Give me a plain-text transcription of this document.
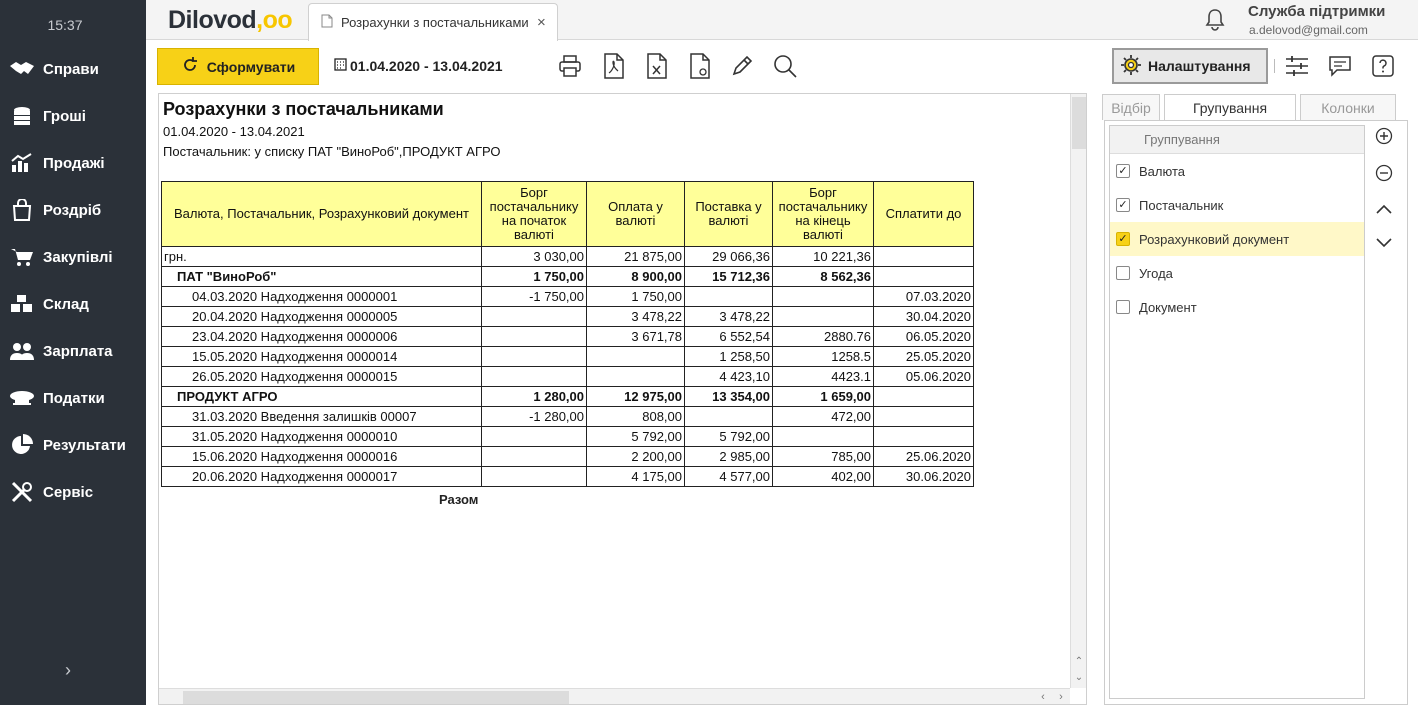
15:37
Справи
Гроші
Продажі
Роздріб
Закупівлі
Склад
Зарплата
Податки
Результати
Сервіс
›
Dilovod,oo	Розрахунки з постачальниками ×
Служба підтримки
a.delovod@gmail.com
Сформувати	01.04.2020 - 13.04.2021	Налаштування
Розрахунки з постачальниками
01.04.2020 - 13.04.2021
Постачальник: у списку ПАТ "ВиноРоб",ПРОДУКТ АГРО
Валюта, Постачальник, Розрахунковий документ	Борг постачальнику на початок валюті	Оплата у валюті	Поставка у валюті	Борг постачальнику на кінець валюті	Сплатити до
грн.	3 030,00	21 875,00	29 066,36	10 221,36	
ПАТ "ВиноРоб"	1 750,00	8 900,00	15 712,36	8 562,36	
04.03.2020 Надходження 0000001	-1 750,00	1 750,00			07.03.2020
20.04.2020 Надходження 0000005		3 478,22	3 478,22		30.04.2020
23.04.2020 Надходження 0000006		3 671,78	6 552,54	2880.76	06.05.2020
15.05.2020 Надходження 0000014			1 258,50	1258.5	25.05.2020
26.05.2020 Надходження 0000015			4 423,10	4423.1	05.06.2020
ПРОДУКТ АГРО	1 280,00	12 975,00	13 354,00	1 659,00	
31.03.2020 Введення залишків 00007	-1 280,00	808,00		472,00	
31.05.2020 Надходження 0000010		5 792,00	5 792,00		
15.06.2020 Надходження 0000016		2 200,00	2 985,00	785,00	25.06.2020
20.06.2020 Надходження 0000017		4 175,00	4 577,00	402,00	30.06.2020
Разом
⌃
⌄
‹	›
Відбір	Групування	Колонки
Группування
✓ Валюта
✓ Постачальник
✓ Розрахунковий документ
Угода
Документ
